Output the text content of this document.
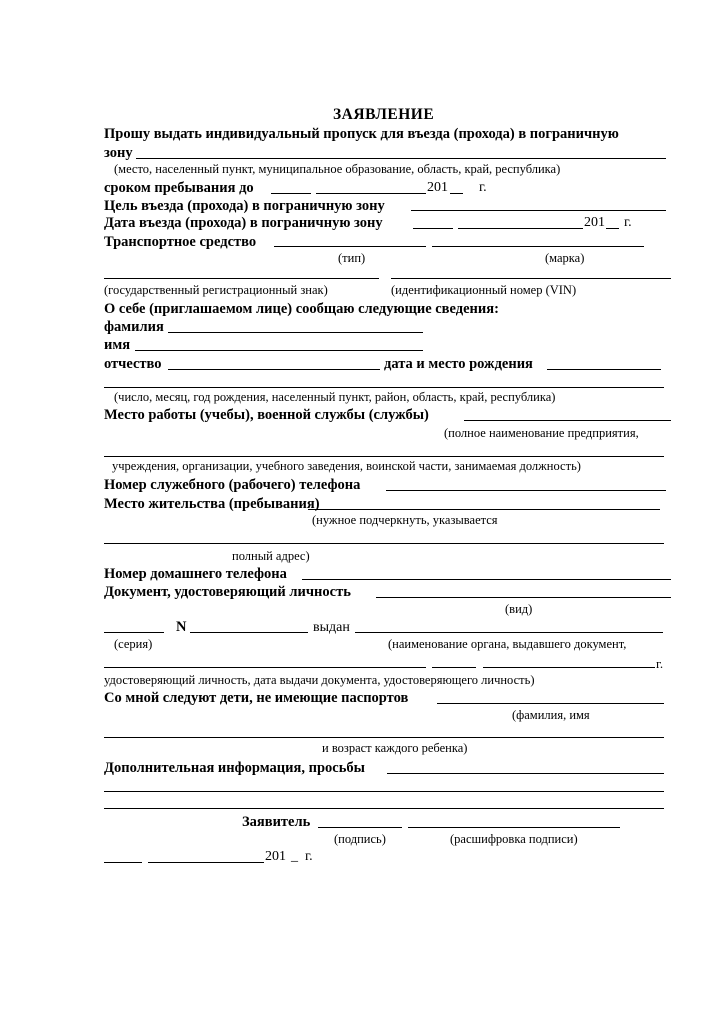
ЗАЯВЛЕНИЕ
Прошу выдать индивидуальный пропуск для въезда (прохода) в пограничную
зону
(место, населенный пункт, муниципальное образование, область, край, республика)
сроком пребывания до	201 г.
Цель въезда (прохода) в пограничную зону
Дата въезда (прохода) в пограничную зону	201 г.
Транспортное средство
(тип)	(марка)
(государственный регистрационный знак)	(идентификационный номер (VIN)
О себе (приглашаемом лице) сообщаю следующие сведения:
фамилия
имя
отчество	дата и место рождения
(число, месяц, год рождения, населенный пункт, район, область, край, республика)
Место работы (учебы), военной службы (службы)
(полное наименование предприятия,
учреждения, организации, учебного заведения, воинской части, занимаемая должность)
Номер служебного (рабочего) телефона
Место жительства (пребывания)
(нужное подчеркнуть, указывается
полный адрес)
Номер домашнего телефона
Документ, удостоверяющий личность
(вид)
N	выдан
(серия)	(наименование органа, выдавшего документ,
г.
удостоверяющий личность, дата выдачи документа, удостоверяющего личность)
Со мной следуют дети, не имеющие паспортов
(фамилия, имя
и возраст каждого ребенка)
Дополнительная информация, просьбы
Заявитель
(подпись)	(расшифровка подписи)
201 _ г.
